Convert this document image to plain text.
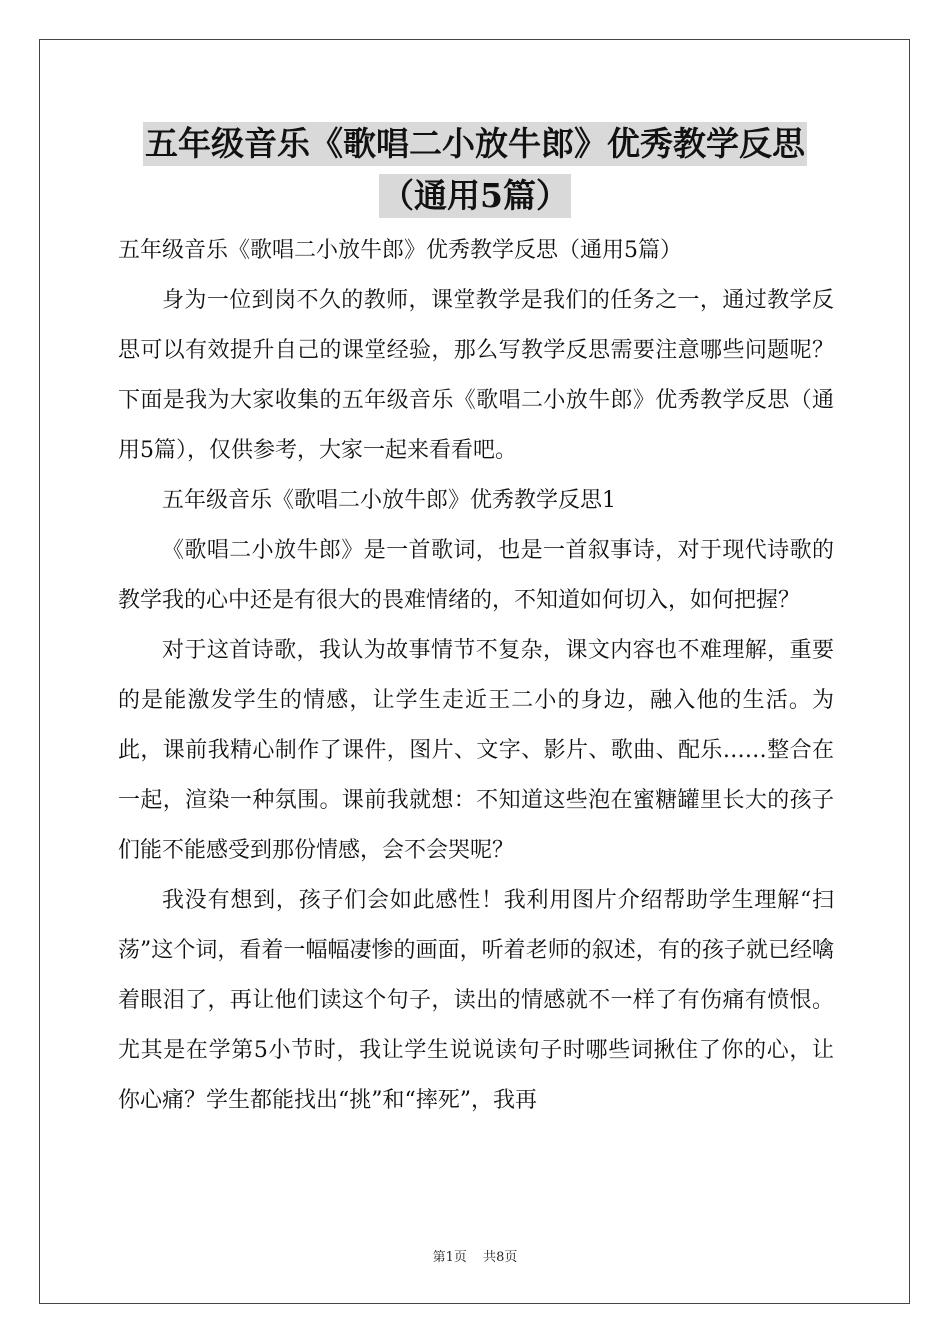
五年级音乐《歌唱二小放牛郎》优秀教学反思
（通用5篇）

五年级音乐《歌唱二小放牛郎》优秀教学反思（通用5篇）

身为一位到岗不久的教师，课堂教学是我们的任务之一，通过教学反思可以有效提升自己的课堂经验，那么写教学反思需要注意哪些问题呢？下面是我为大家收集的五年级音乐《歌唱二小放牛郎》优秀教学反思（通用5篇），仅供参考，大家一起来看看吧。

五年级音乐《歌唱二小放牛郎》优秀教学反思1

《歌唱二小放牛郎》是一首歌词，也是一首叙事诗，对于现代诗歌的教学我的心中还是有很大的畏难情绪的，不知道如何切入，如何把握？

对于这首诗歌，我认为故事情节不复杂，课文内容也不难理解，重要的是能激发学生的情感，让学生走近王二小的身边，融入他的生活。为此，课前我精心制作了课件，图片、文字、影片、歌曲、配乐……整合在一起，渲染一种氛围。课前我就想：不知道这些泡在蜜糖罐里长大的孩子们能不能感受到那份情感，会不会哭呢？

我没有想到，孩子们会如此感性！我利用图片介绍帮助学生理解“扫荡”这个词，看着一幅幅凄惨的画面，听着老师的叙述，有的孩子就已经噙着眼泪了，再让他们读这个句子，读出的情感就不一样了有伤痛有愤恨。尤其是在学第5小节时，我让学生说说读句子时哪些词揪住了你的心，让你心痛？学生都能找出“挑”和“摔死”，我再

第1页 共8页
